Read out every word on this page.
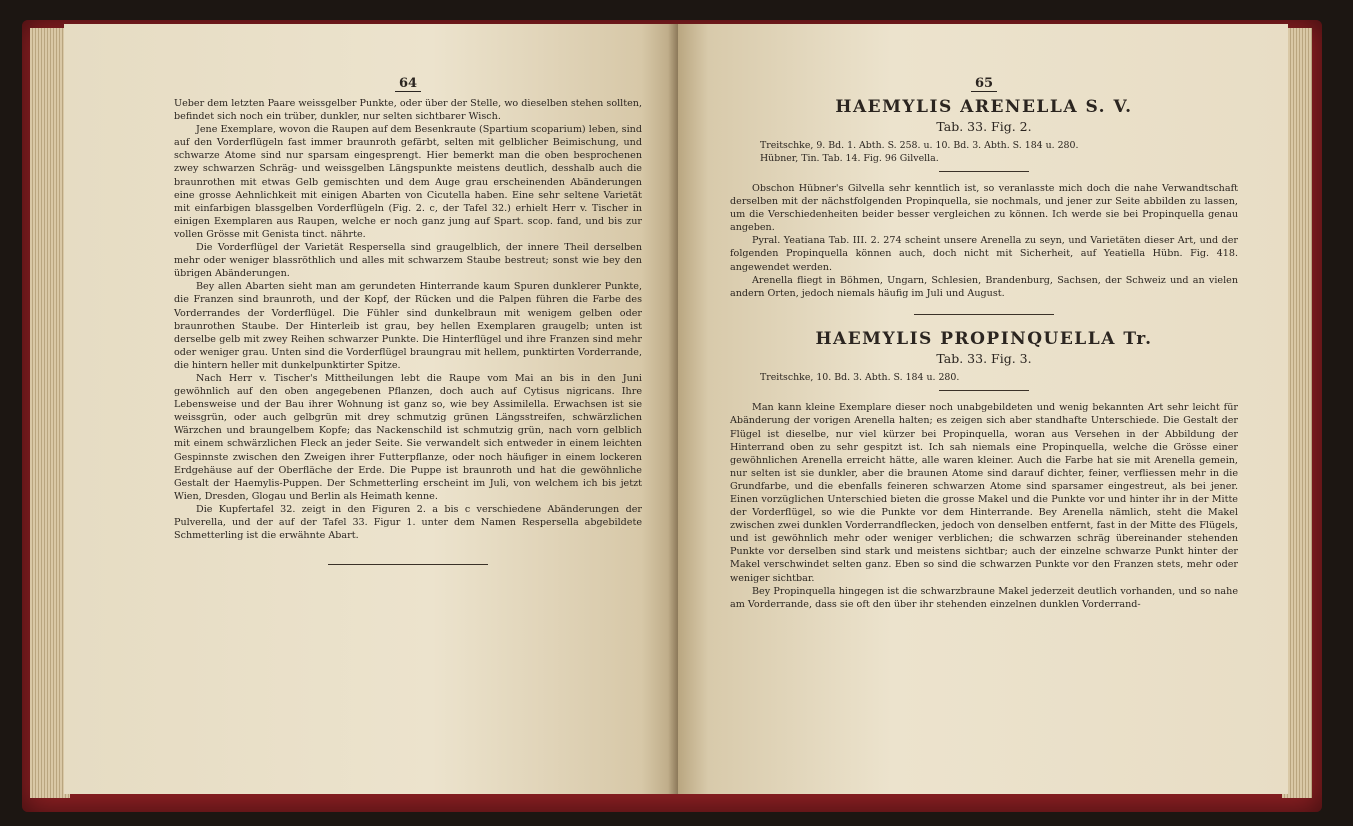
64

Ueber dem letzten Paare weissgelber Punkte, oder über der Stelle, wo dieselben stehen sollten, befindet sich noch ein trüber, dunkler, nur selten sichtbarer Wisch.

Jene Exemplare, wovon die Raupen auf dem Besenkraute (Spartium scoparium) leben, sind auf den Vorderflügeln fast immer braunroth gefärbt, selten mit gelblicher Beimischung, und schwarze Atome sind nur sparsam eingesprengt. Hier bemerkt man die oben besprochenen zwey schwarzen Schräg- und weissgelben Längspunkte meistens deutlich, desshalb auch die braunrothen mit etwas Gelb gemischten und dem Auge grau erscheinenden Abänderungen eine grosse Aehnlichkeit mit einigen Abarten von Cicutella haben. Eine sehr seltene Varietät mit einfarbigen blassgelben Vorderflügeln (Fig. 2. c, der Tafel 32.) erhielt Herr v. Tischer in einigen Exemplaren aus Raupen, welche er noch ganz jung auf Spart. scop. fand, und bis zur vollen Grösse mit Genista tinct. nährte.

Die Vorderflügel der Varietät Respersella sind graugelblich, der innere Theil derselben mehr oder weniger blassröthlich und alles mit schwarzem Staube bestreut; sonst wie bey den übrigen Abänderungen.

Bey allen Abarten sieht man am gerundeten Hinterrande kaum Spuren dunklerer Punkte, die Franzen sind braunroth, und der Kopf, der Rücken und die Palpen führen die Farbe des Vorderrandes der Vorderflügel. Die Fühler sind dunkelbraun mit wenigem gelben oder braunrothen Staube. Der Hinterleib ist grau, bey hellen Exemplaren graugelb; unten ist derselbe gelb mit zwey Reihen schwarzer Punkte. Die Hinterflügel und ihre Franzen sind mehr oder weniger grau. Unten sind die Vorderflügel braungrau mit hellem, punktirten Vorderrande, die hintern heller mit dunkelpunktirter Spitze.

Nach Herr v. Tischer's Mittheilungen lebt die Raupe vom Mai an bis in den Juni gewöhnlich auf den oben angegebenen Pflanzen, doch auch auf Cytisus nigricans. Ihre Lebensweise und der Bau ihrer Wohnung ist ganz so, wie bey Assimilella. Erwachsen ist sie weissgrün, oder auch gelbgrün mit drey schmutzig grünen Längsstreifen, schwärzlichen Wärzchen und braungelbem Kopfe; das Nackenschild ist schmutzig grün, nach vorn gelblich mit einem schwärzlichen Fleck an jeder Seite. Sie verwandelt sich entweder in einem leichten Gespinnste zwischen den Zweigen ihrer Futterpflanze, oder noch häufiger in einem lockeren Erdgehäuse auf der Oberfläche der Erde. Die Puppe ist braunroth und hat die gewöhnliche Gestalt der Haemylis-Puppen. Der Schmetterling erscheint im Juli, von welchem ich bis jetzt Wien, Dresden, Glogau und Berlin als Heimath kenne.

Die Kupfertafel 32. zeigt in den Figuren 2. a bis c verschiedene Abänderungen der Pulverella, und der auf der Tafel 33. Figur 1. unter dem Namen Respersella abgebildete Schmetterling ist die erwähnte Abart.

65
HAEMYLIS ARENELLA S. V.
Tab. 33. Fig. 2.

Treitschke, 9. Bd. 1. Abth. S. 258. u. 10. Bd. 3. Abth. S. 184 u. 280.

Hübner, Tin. Tab. 14. Fig. 96 Gilvella.

Obschon Hübner's Gilvella sehr kenntlich ist, so veranlasste mich doch die nahe Verwandtschaft derselben mit der nächstfolgenden Propinquella, sie nochmals, und jener zur Seite abbilden zu lassen, um die Verschiedenheiten beider besser vergleichen zu können. Ich werde sie bei Propinquella genau angeben.

Pyral. Yeatiana Tab. III. 2. 274 scheint unsere Arenella zu seyn, und Varietäten dieser Art, und der folgenden Propinquella können auch, doch nicht mit Sicherheit, auf Yeatiella Hübn. Fig. 418. angewendet werden.

Arenella fliegt in Böhmen, Ungarn, Schlesien, Brandenburg, Sachsen, der Schweiz und an vielen andern Orten, jedoch niemals häufig im Juli und August.

HAEMYLIS PROPINQUELLA Tr.
Tab. 33. Fig. 3.

Treitschke, 10. Bd. 3. Abth. S. 184 u. 280.

Man kann kleine Exemplare dieser noch unabgebildeten und wenig bekannten Art sehr leicht für Abänderung der vorigen Arenella halten; es zeigen sich aber standhafte Unterschiede. Die Gestalt der Flügel ist dieselbe, nur viel kürzer bei Propinquella, woran aus Versehen in der Abbildung der Hinterrand oben zu sehr gespitzt ist. Ich sah niemals eine Propinquella, welche die Grösse einer gewöhnlichen Arenella erreicht hätte, alle waren kleiner. Auch die Farbe hat sie mit Arenella gemein, nur selten ist sie dunkler, aber die braunen Atome sind darauf dichter, feiner, verfliessen mehr in die Grundfarbe, und die ebenfalls feineren schwarzen Atome sind sparsamer eingestreut, als bei jener. Einen vorzüglichen Unterschied bieten die grosse Makel und die Punkte vor und hinter ihr in der Mitte der Vorderflügel, so wie die Punkte vor dem Hinterrande. Bey Arenella nämlich, steht die Makel zwischen zwei dunklen Vorderrandflecken, jedoch von denselben entfernt, fast in der Mitte des Flügels, und ist gewöhnlich mehr oder weniger verblichen; die schwarzen schräg übereinander stehenden Punkte vor derselben sind stark und meistens sichtbar; auch der einzelne schwarze Punkt hinter der Makel verschwindet selten ganz. Eben so sind die schwarzen Punkte vor den Franzen stets, mehr oder weniger sichtbar.

Bey Propinquella hingegen ist die schwarzbraune Makel jederzeit deutlich vorhanden, und so nahe am Vorderrande, dass sie oft den über ihr stehenden einzelnen dunklen Vorderrand-
